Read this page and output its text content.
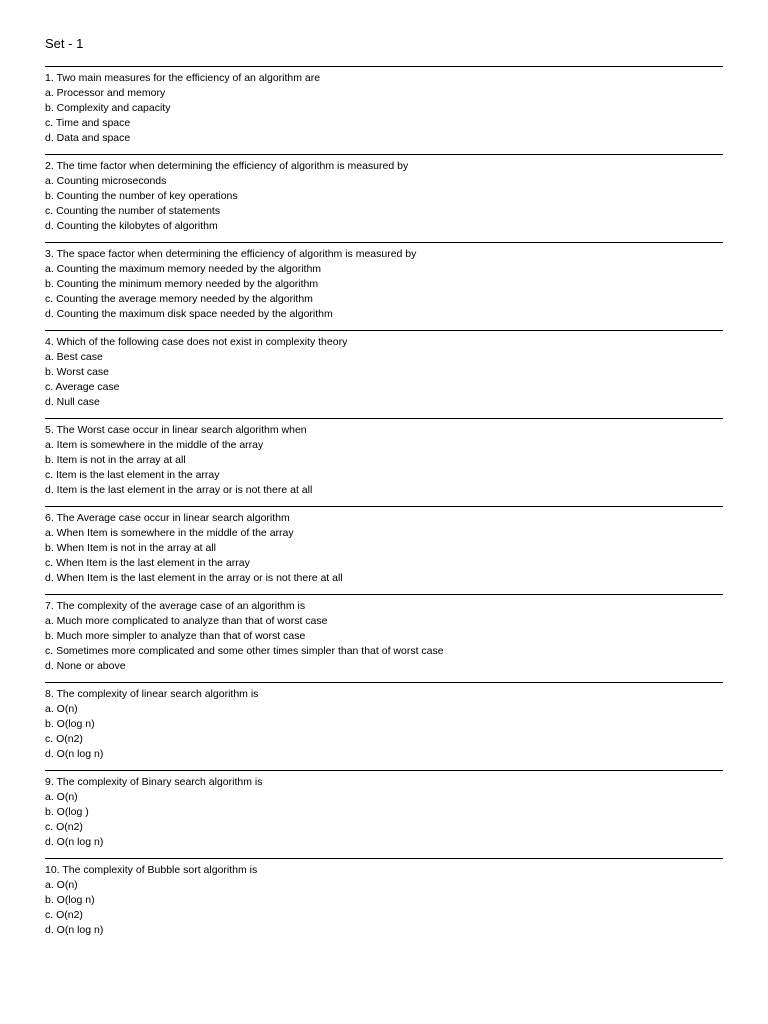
Set - 1
1. Two main measures for the efficiency of an algorithm are
a. Processor and memory
b. Complexity and capacity
c. Time and space
d. Data and space
2. The time factor when determining the efficiency of algorithm is measured by
a. Counting microseconds
b. Counting the number of key operations
c. Counting the number of statements
d. Counting the kilobytes of algorithm
3. The space factor when determining the efficiency of algorithm is measured by
a. Counting the maximum memory needed by the algorithm
b. Counting the minimum memory needed by the algorithm
c. Counting the average memory needed by the algorithm
d. Counting the maximum disk space needed by the algorithm
4. Which of the following case does not exist in complexity theory
a. Best case
b. Worst case
c. Average case
d. Null case
5. The Worst case occur in linear search algorithm when
a. Item is somewhere in the middle of the array
b. Item is not in the array at all
c. Item is the last element in the array
d. Item is the last element in the array or is not there at all
6. The Average case occur in linear search algorithm
a. When Item is somewhere in the middle of the array
b. When Item is not in the array at all
c. When Item is the last element in the array
d. When Item is the last element in the array or is not there at all
7. The complexity of the average case of an algorithm is
a. Much more complicated to analyze than that of worst case
b. Much more simpler to analyze than that of worst case
c. Sometimes more complicated and some other times simpler than that of worst case
d. None or above
8. The complexity of linear search algorithm is
a. O(n)
b. O(log n)
c. O(n2)
d. O(n log n)
9. The complexity of Binary search algorithm is
a. O(n)
b. O(log )
c. O(n2)
d. O(n log n)
10. The complexity of Bubble sort algorithm is
a. O(n)
b. O(log n)
c. O(n2)
d. O(n log n)
